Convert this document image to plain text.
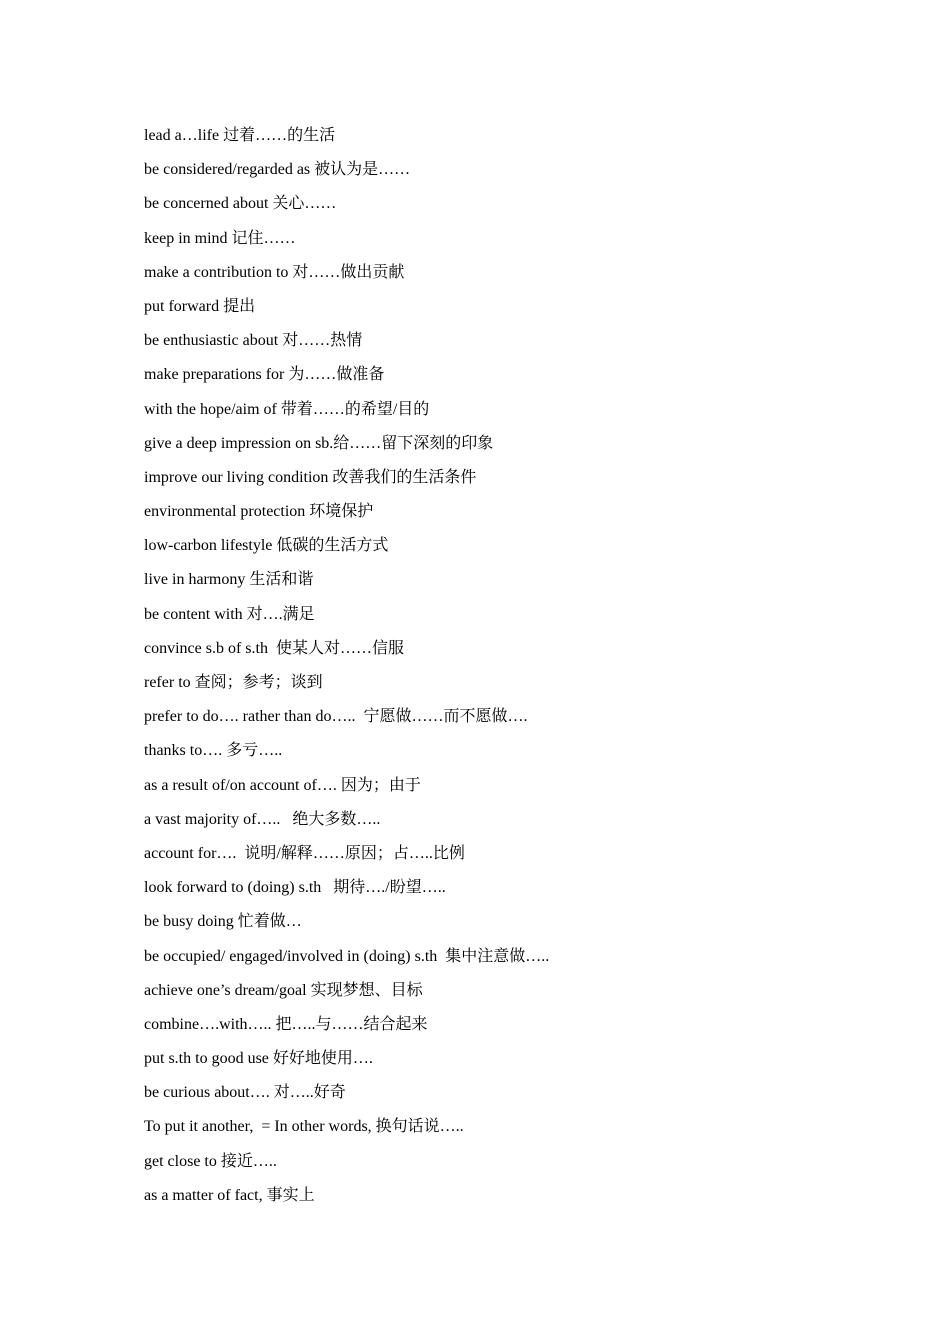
lead a…life 过着……的生活
be considered/regarded as 被认为是……
be concerned about 关心……
keep in mind 记住……
make a contribution to 对……做出贡献
put forward 提出
be enthusiastic about 对……热情
make preparations for 为……做准备
with the hope/aim of 带着……的希望/目的
give a deep impression on sb.给……留下深刻的印象
improve our living condition 改善我们的生活条件
environmental protection 环境保护
low-carbon lifestyle 低碳的生活方式
live in harmony 生活和谐
be content with 对….满足
convince s.b of s.th  使某人对……信服
refer to 查阅；参考；谈到
prefer to do…. rather than do…..  宁愿做……而不愿做….
thanks to…. 多亏…..
as a result of/on account of…. 因为；由于
a vast majority of…..   绝大多数…..
account for….  说明/解释……原因；占…..比例
look forward to (doing) s.th   期待…./盼望…..
be busy doing 忙着做…
be occupied/ engaged/involved in (doing) s.th  集中注意做…..
achieve one’s dream/goal 实现梦想、目标
combine….with….. 把…..与……结合起来
put s.th to good use 好好地使用….
be curious about…. 对…..好奇
To put it another,  = In other words, 换句话说…..
get close to 接近…..
as a matter of fact, 事实上
